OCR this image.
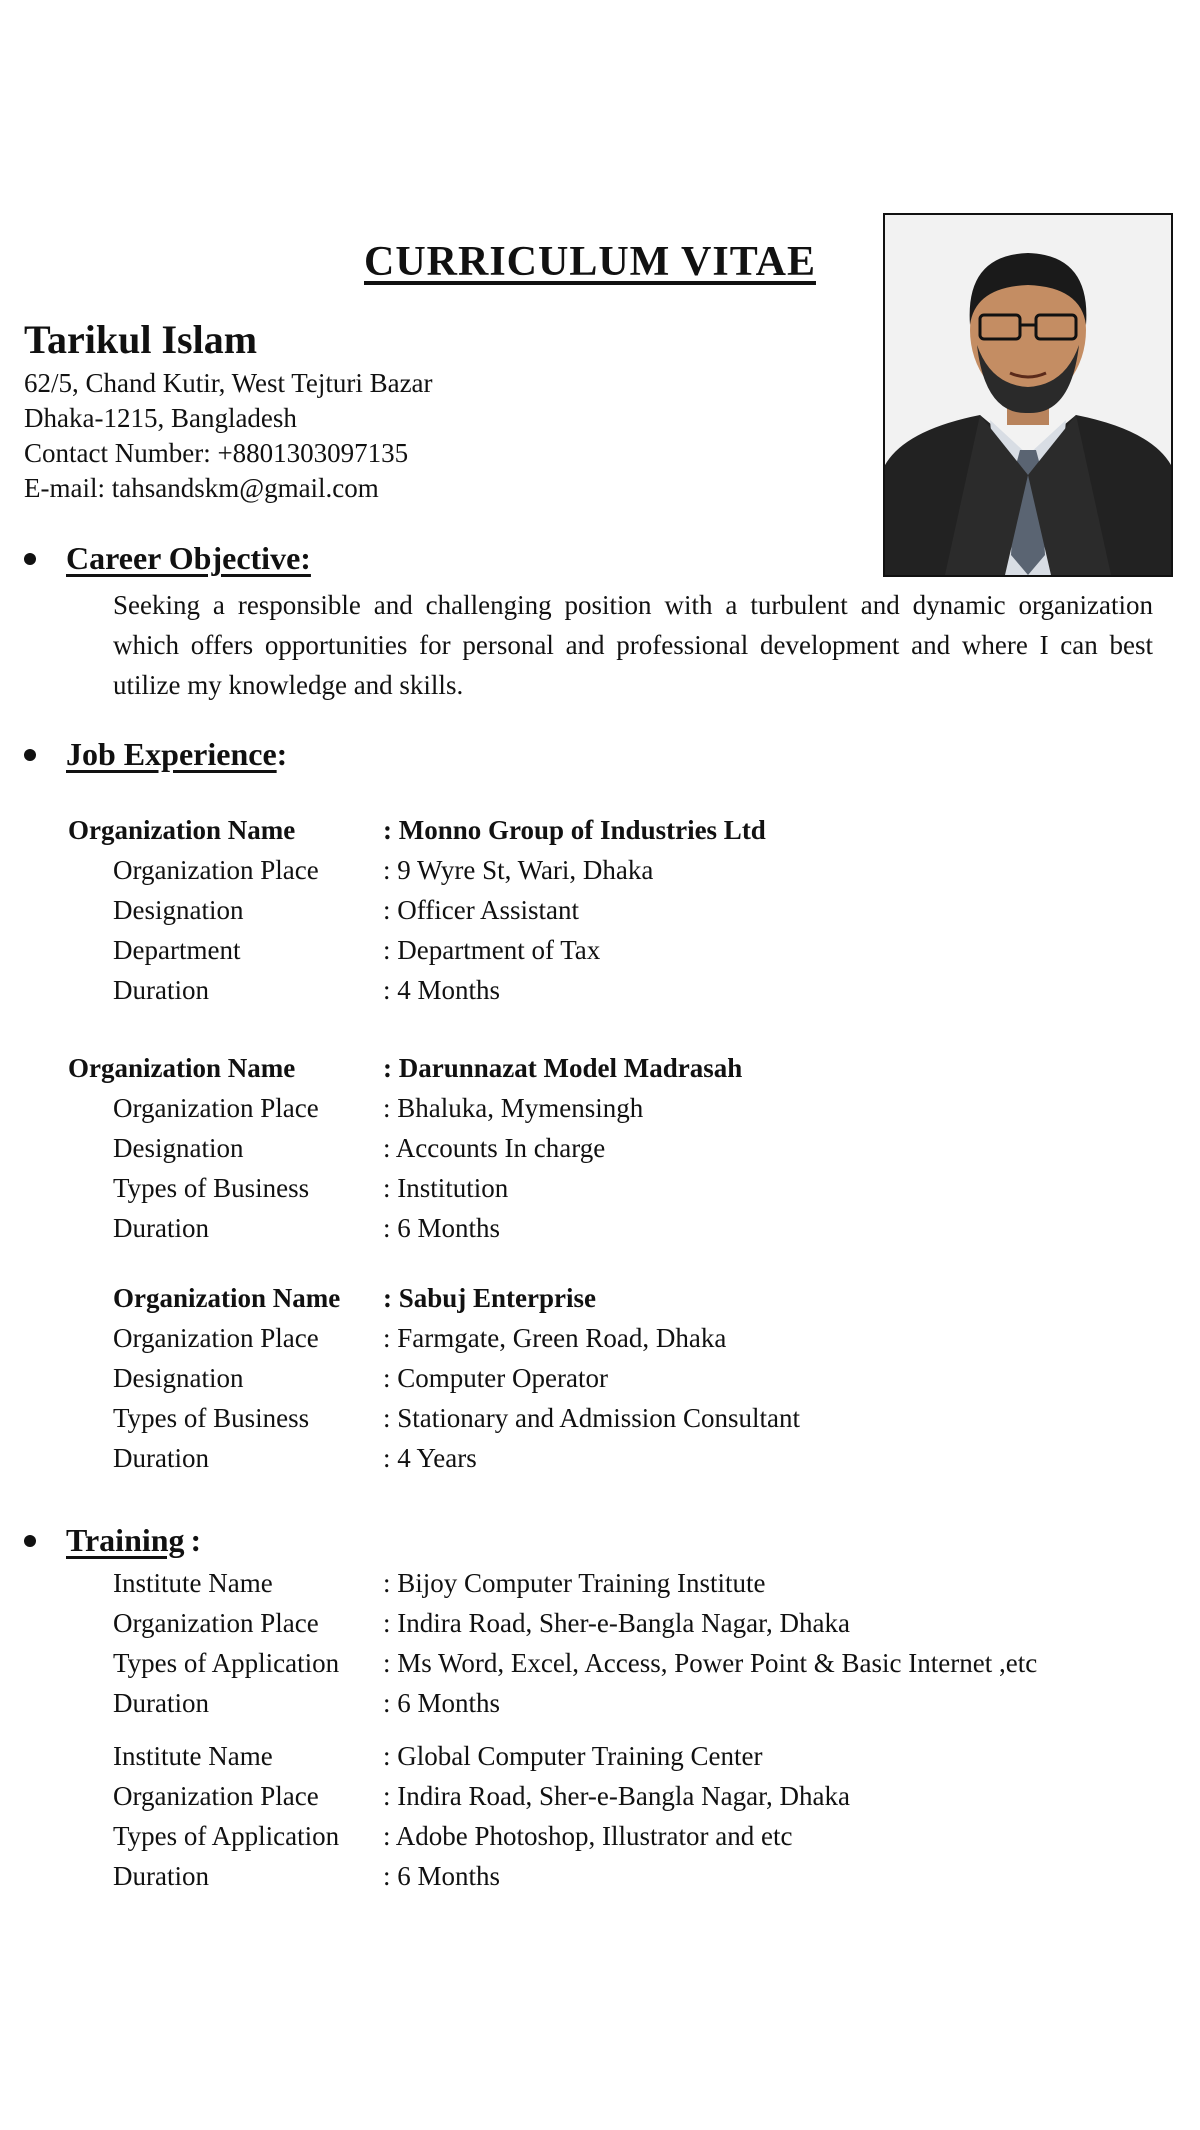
CURRICULUM VITAE
Tarikul Islam
62/5, Chand Kutir, West Tejturi Bazar
Dhaka-1215, Bangladesh
Contact Number: +8801303097135
E-mail: tahsandskm@gmail.com
Career Objective:
Seeking a responsible and challenging position with a turbulent and dynamic organization which offers opportunities for personal and professional development and where I can best utilize my knowledge and skills.
Job Experience :
Organization Name	: Monno Group of Industries Ltd
Organization Place : 9 Wyre St, Wari, Dhaka
Designation	: Officer Assistant
Department	: Department of Tax
Duration	: 4 Months
Organization Name	: Darunnazat Model Madrasah
Organization Place : Bhaluka, Mymensingh
Designation	: Accounts In charge
Types of Business	: Institution
Duration	: 6 Months
Organization Name : Sabuj Enterprise
Organization Place : Farmgate, Green Road, Dhaka
Designation	: Computer Operator
Types of Business	: Stationary and Admission Consultant
Duration	: 4 Years
Training :
Institute Name	: Bijoy Computer Training Institute
Organization Place : Indira Road, Sher-e-Bangla Nagar, Dhaka
Types of Application : Ms Word, Excel, Access, Power Point & Basic Internet ,etc
Duration	: 6 Months
Institute Name	: Global Computer Training Center
Organization Place : Indira Road, Sher-e-Bangla Nagar, Dhaka
Types of Application : Adobe Photoshop, Illustrator and etc
Duration	: 6 Months
